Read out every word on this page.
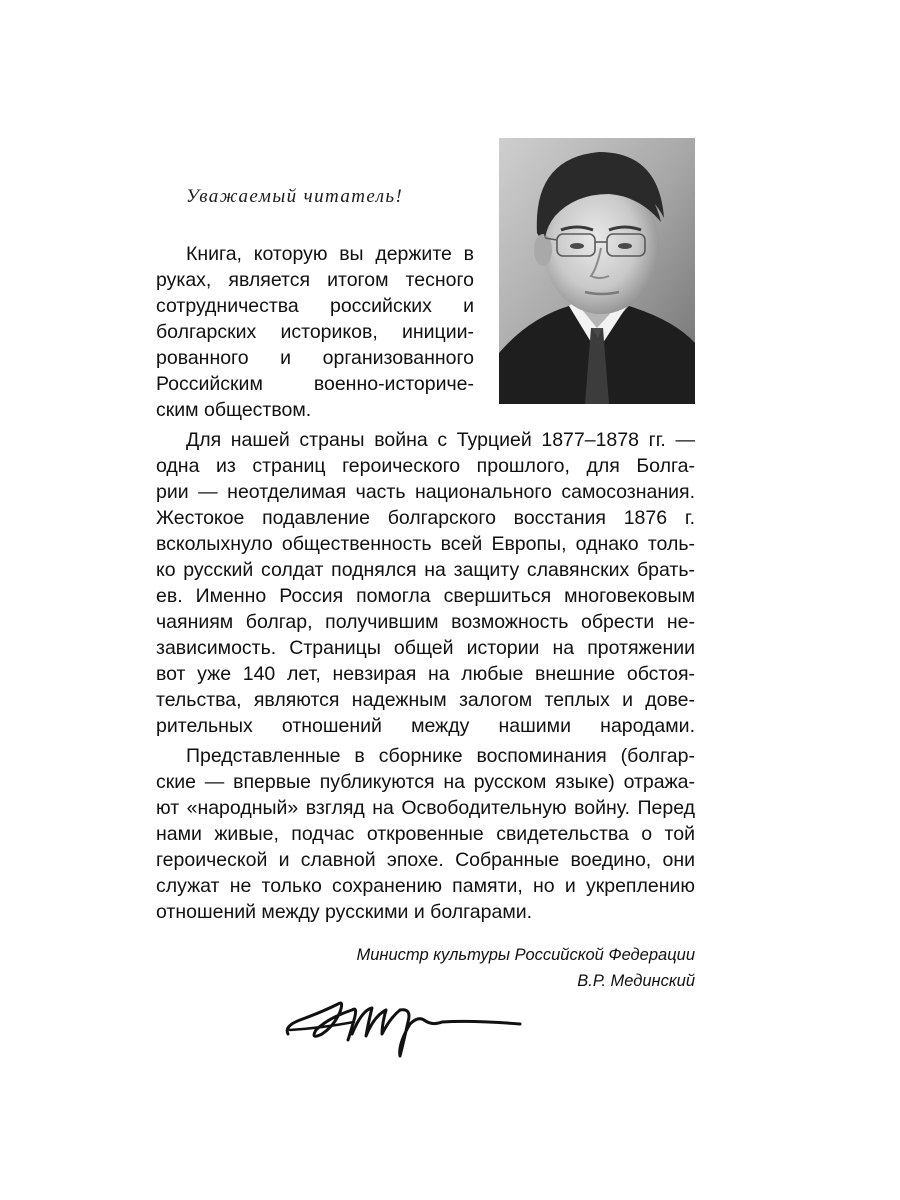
Уважаемый читатель!
Книга, которую вы держите в
руках, является итогом тесного
сотрудничества российских и
болгарских историков, иниции-
рованного и организованного
Российским военно-историче-
ским обществом.
Для нашей страны война с Турцией 1877–1878 гг. —
одна из страниц героического прошлого, для Болга-
рии — неотделимая часть национального самосознания.
Жестокое подавление болгарского восстания 1876 г.
всколыхнуло общественность всей Европы, однако толь-
ко русский солдат поднялся на защиту славянских брать-
ев. Именно Россия помогла свершиться многовековым
чаяниям болгар, получившим возможность обрести не-
зависимость. Страницы общей истории на протяжении
вот уже 140 лет, невзирая на любые внешние обстоя-
тельства, являются надежным залогом теплых и дове-
рительных отношений между нашими народами.
Представленные в сборнике воспоминания (болгар-
ские — впервые публикуются на русском языке) отража-
ют «народный» взгляд на Освободительную войну. Перед
нами живые, подчас откровенные свидетельства о той
героической и славной эпохе. Собранные воедино, они
служат не только сохранению памяти, но и укреплению
отношений между русскими и болгарами.
Министр культуры Российской Федерации
В.Р. Мединский
